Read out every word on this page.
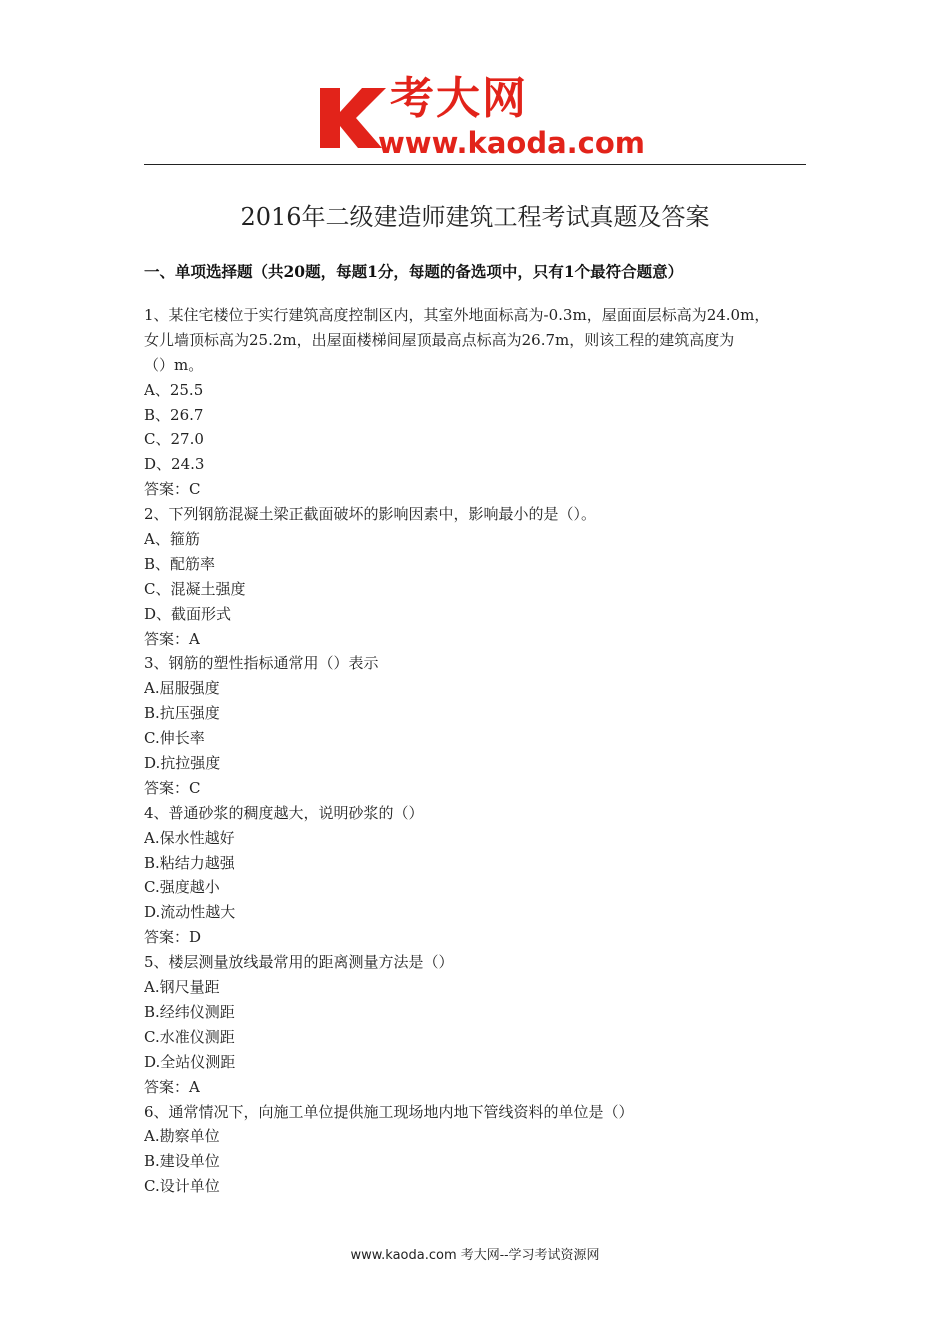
考大网
www.kaoda.com
2016年二级建造师建筑工程考试真题及答案
一、单项选择题（共20题，每题1分，每题的备选项中，只有1个最符合题意）
1、某住宅楼位于实行建筑高度控制区内，其室外地面标高为-0.3m，屋面面层标高为24.0m，
女儿墙顶标高为25.2m，出屋面楼梯间屋顶最高点标高为26.7m，则该工程的建筑高度为
（）m。
A、25.5
B、26.7
C、27.0
D、24.3
答案：C
2、下列钢筋混凝土梁正截面破坏的影响因素中，影响最小的是（）。
A、箍筋
B、配筋率
C、混凝土强度
D、截面形式
答案：A
3、钢筋的塑性指标通常用（）表示
A.屈服强度
B.抗压强度
C.伸长率
D.抗拉强度
答案：C
4、普通砂浆的稠度越大，说明砂浆的（）
A.保水性越好
B.粘结力越强
C.强度越小
D.流动性越大
答案：D
5、楼层测量放线最常用的距离测量方法是（）
A.钢尺量距
B.经纬仪测距
C.水准仪测距
D.全站仪测距
答案：A
6、通常情况下，向施工单位提供施工现场地内地下管线资料的单位是（）
A.勘察单位
B.建设单位
C.设计单位
www.kaoda.com 考大网--学习考试资源网
